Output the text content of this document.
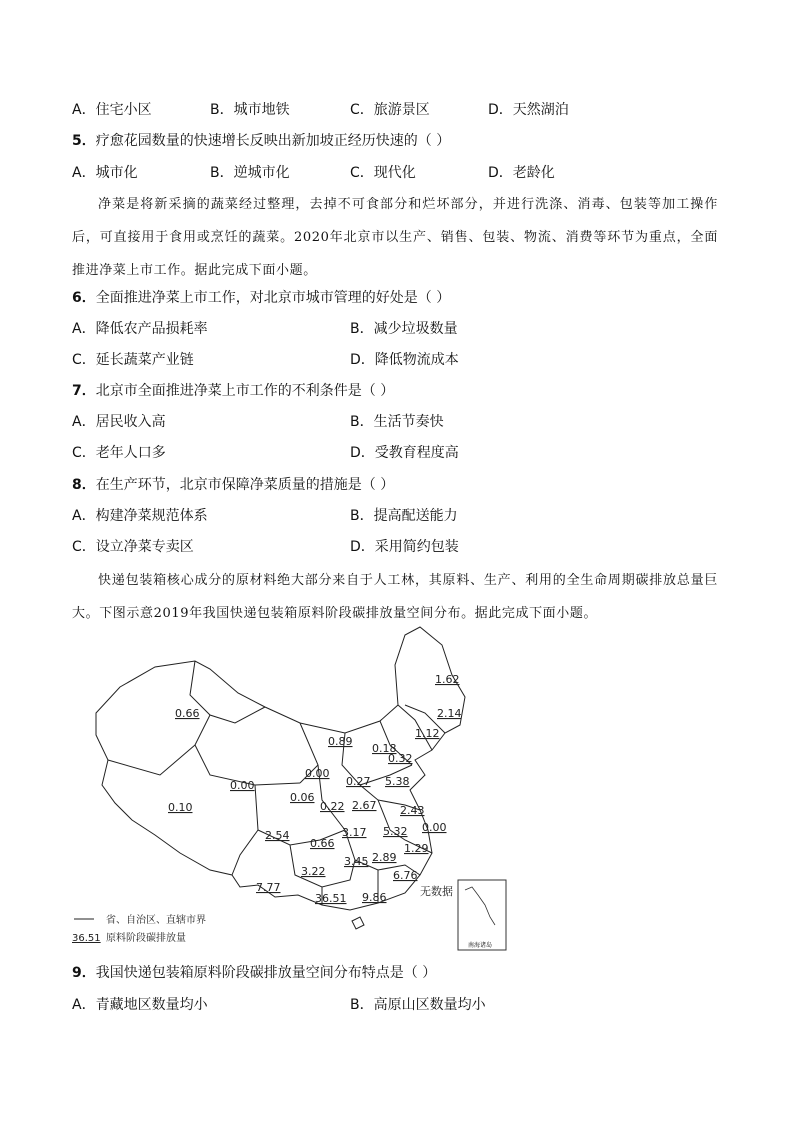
A．住宅小区	B．城市地铁	C．旅游景区	D．天然湖泊
5．疗愈花园数量的快速增长反映出新加坡正经历快速的（ ）
A．城市化	B．逆城市化	C．现代化	D．老龄化
净菜是将新采摘的蔬菜经过整理，去掉不可食部分和烂坏部分，并进行洗涤、消毒、包装等加工操作后，可直接用于食用或烹饪的蔬菜。2020年北京市以生产、销售、包装、物流、消费等环节为重点，全面推进净菜上市工作。据此完成下面小题。
6．全面推进净菜上市工作，对北京市城市管理的好处是（ ）
A．降低农产品损耗率	B．减少垃圾数量
C．延长蔬菜产业链	D．降低物流成本
7．北京市全面推进净菜上市工作的不利条件是（ ）
A．居民收入高	B．生活节奏快
C．老年人口多	D．受教育程度高
8．在生产环节，北京市保障净菜质量的措施是（ ）
A．构建净菜规范体系	B．提高配送能力
C．设立净菜专卖区	D．采用简约包装
快递包装箱核心成分的原材料绝大部分来自于人工林，其原料、生产、利用的全生命周期碳排放总量巨大。下图示意2019年我国快递包装箱原料阶段碳排放量空间分布。据此完成下面小题。
南海诸岛
1.62
2.14
0.66
1.12
0.89
0.18
0.32
0.00
5.38
0.27
0.00
0.06
0.22 2.67 2.43
0.10
0.00
3.17 5.32
2.54
0.66
3.45 2.89
1.29
3.22	6.76
7.77
36.51 9.86	无数据
省、自治区、直辖市界
36.51 原料阶段碳排放量
9．我国快递包装箱原料阶段碳排放量空间分布特点是（ ）
A．青藏地区数量均小	B．高原山区数量均小
